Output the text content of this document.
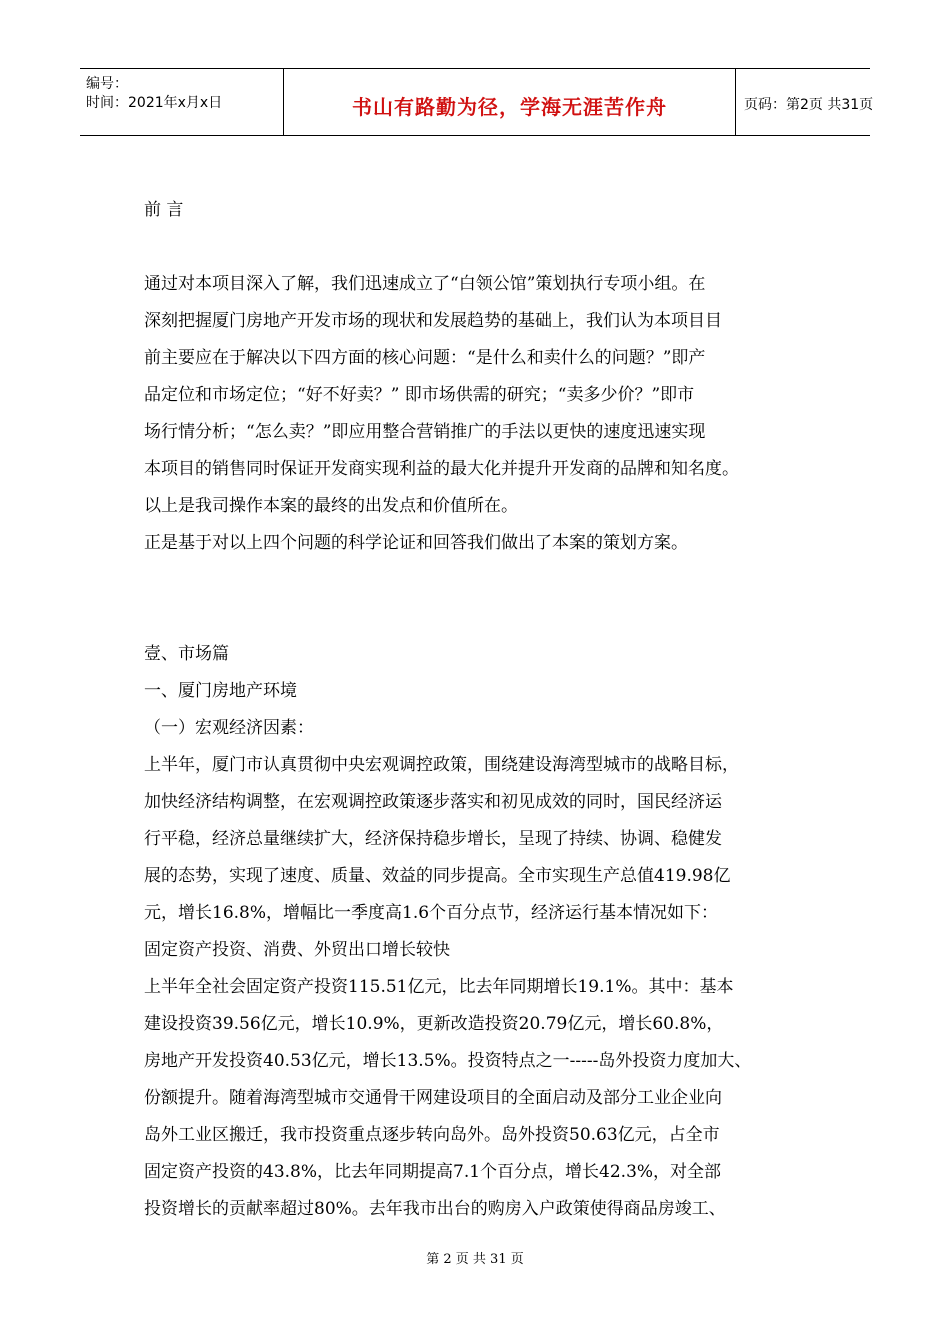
编号：
时间：2021年x月x日	书山有路勤为径，学海无涯苦作舟	页码：第2页 共31页
前 言
通过对本项目深入了解，我们迅速成立了“白领公馆”策划执行专项小组。在
深刻把握厦门房地产开发市场的现状和发展趋势的基础上，我们认为本项目目
前主要应在于解决以下四方面的核心问题：“是什么和卖什么的问题？”即产
品定位和市场定位；“好不好卖？” 即市场供需的研究；“卖多少价？”即市
场行情分析；“怎么卖？”即应用整合营销推广的手法以更快的速度迅速实现
本项目的销售同时保证开发商实现利益的最大化并提升开发商的品牌和知名度。
以上是我司操作本案的最终的出发点和价值所在。
正是基于对以上四个问题的科学论证和回答我们做出了本案的策划方案。
壹、市场篇
一、厦门房地产环境
（一）宏观经济因素：
上半年，厦门市认真贯彻中央宏观调控政策，围绕建设海湾型城市的战略目标，
加快经济结构调整，在宏观调控政策逐步落实和初见成效的同时，国民经济运
行平稳，经济总量继续扩大，经济保持稳步增长，呈现了持续、协调、稳健发
展的态势，实现了速度、质量、效益的同步提高。全市实现生产总值419.98亿
元，增长16.8%，增幅比一季度高1.6个百分点节，经济运行基本情况如下：
固定资产投资、消费、外贸出口增长较快
上半年全社会固定资产投资115.51亿元，比去年同期增长19.1%。其中：基本
建设投资39.56亿元，增长10.9%，更新改造投资20.79亿元，增长60.8%，
房地产开发投资40.53亿元，增长13.5%。投资特点之一-----岛外投资力度加大、
份额提升。随着海湾型城市交通骨干网建设项目的全面启动及部分工业企业向
岛外工业区搬迁，我市投资重点逐步转向岛外。岛外投资50.63亿元，占全市
固定资产投资的43.8%，比去年同期提高7.1个百分点，增长42.3%，对全部
投资增长的贡献率超过80%。去年我市出台的购房入户政策使得商品房竣工、
第 2 页 共 31 页
